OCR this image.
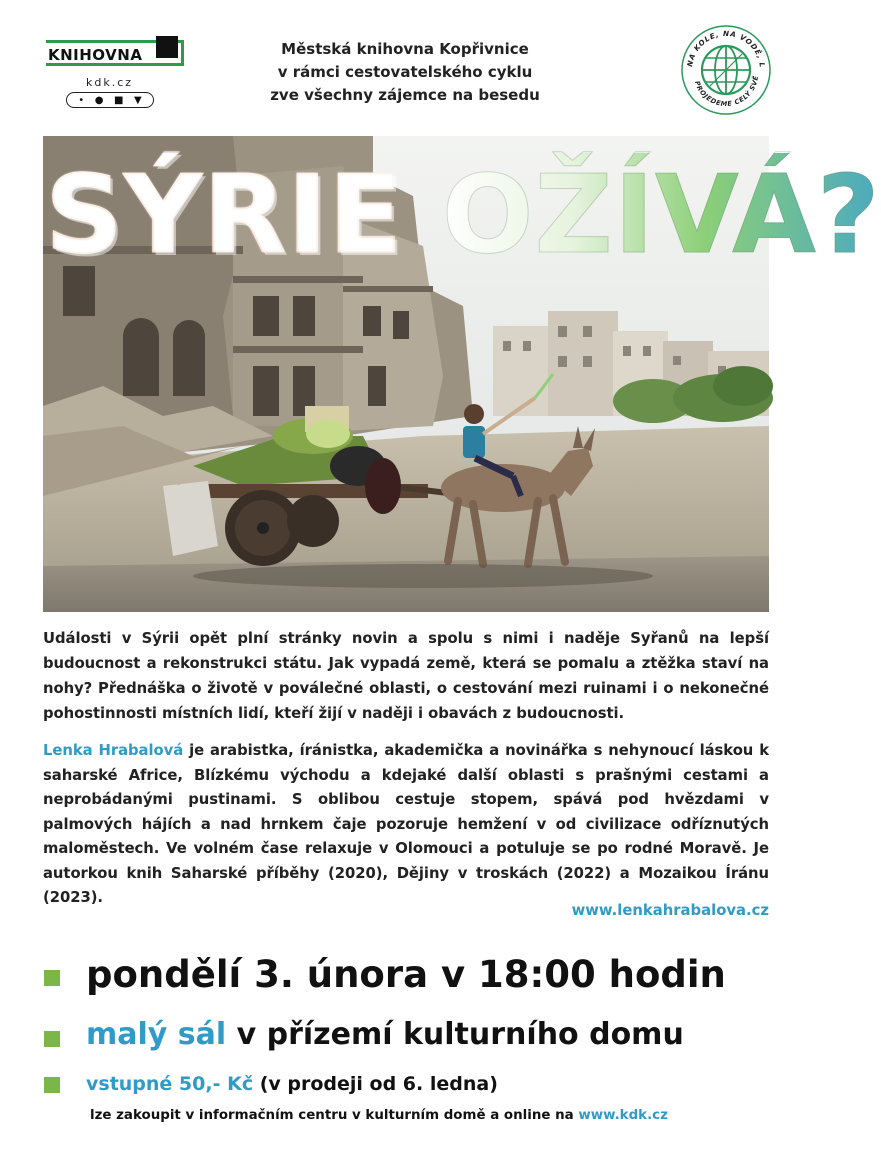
KNIHOVNA
kdk.cz
• ● ■ ▼
Městská knihovna Kopřivnice
v rámci cestovatelského cyklu
zve všechny zájemce na besedu
NA KOLE, NA VODĚ, L
PROJEDEME CELÝ SVĚ
SÝRIE OŽÍVÁ?

Události v Sýrii opět plní stránky novin a spolu s nimi i naděje Syřanů na lepší budoucnost a rekonstrukci státu. Jak vypadá země, která se pomalu a ztěžka staví na nohy? Přednáška o životě v poválečné oblasti, o cestování mezi ruinami i o nekonečné pohostinnosti místních lidí, kteří žijí v naději i obavách z budoucnosti.

Lenka Hrabalová je arabistka, íránistka, akademička a novinářka s nehynoucí láskou k saharské Africe, Blízkému východu a kdejaké další oblasti s prašnými cestami a neprobádanými pustinami. S oblibou cestuje stopem, spává pod hvězdami v palmových hájích a nad hrnkem čaje pozoruje hemžení v od civilizace odříznutých maloměstech. Ve volném čase relaxuje v Olomouci a potuluje se po rodné Moravě. Je autorkou knih Saharské příběhy (2020), Dějiny v troskách (2022) a Mozaikou Íránu (2023).

www.lenkahrabalova.cz
pondělí 3. února v 18:00 hodin
malý sál v přízemí kulturního domu
vstupné 50,- Kč (v prodeji od 6. ledna)
lze zakoupit v informačním centru v kulturním domě a online na www.kdk.cz
